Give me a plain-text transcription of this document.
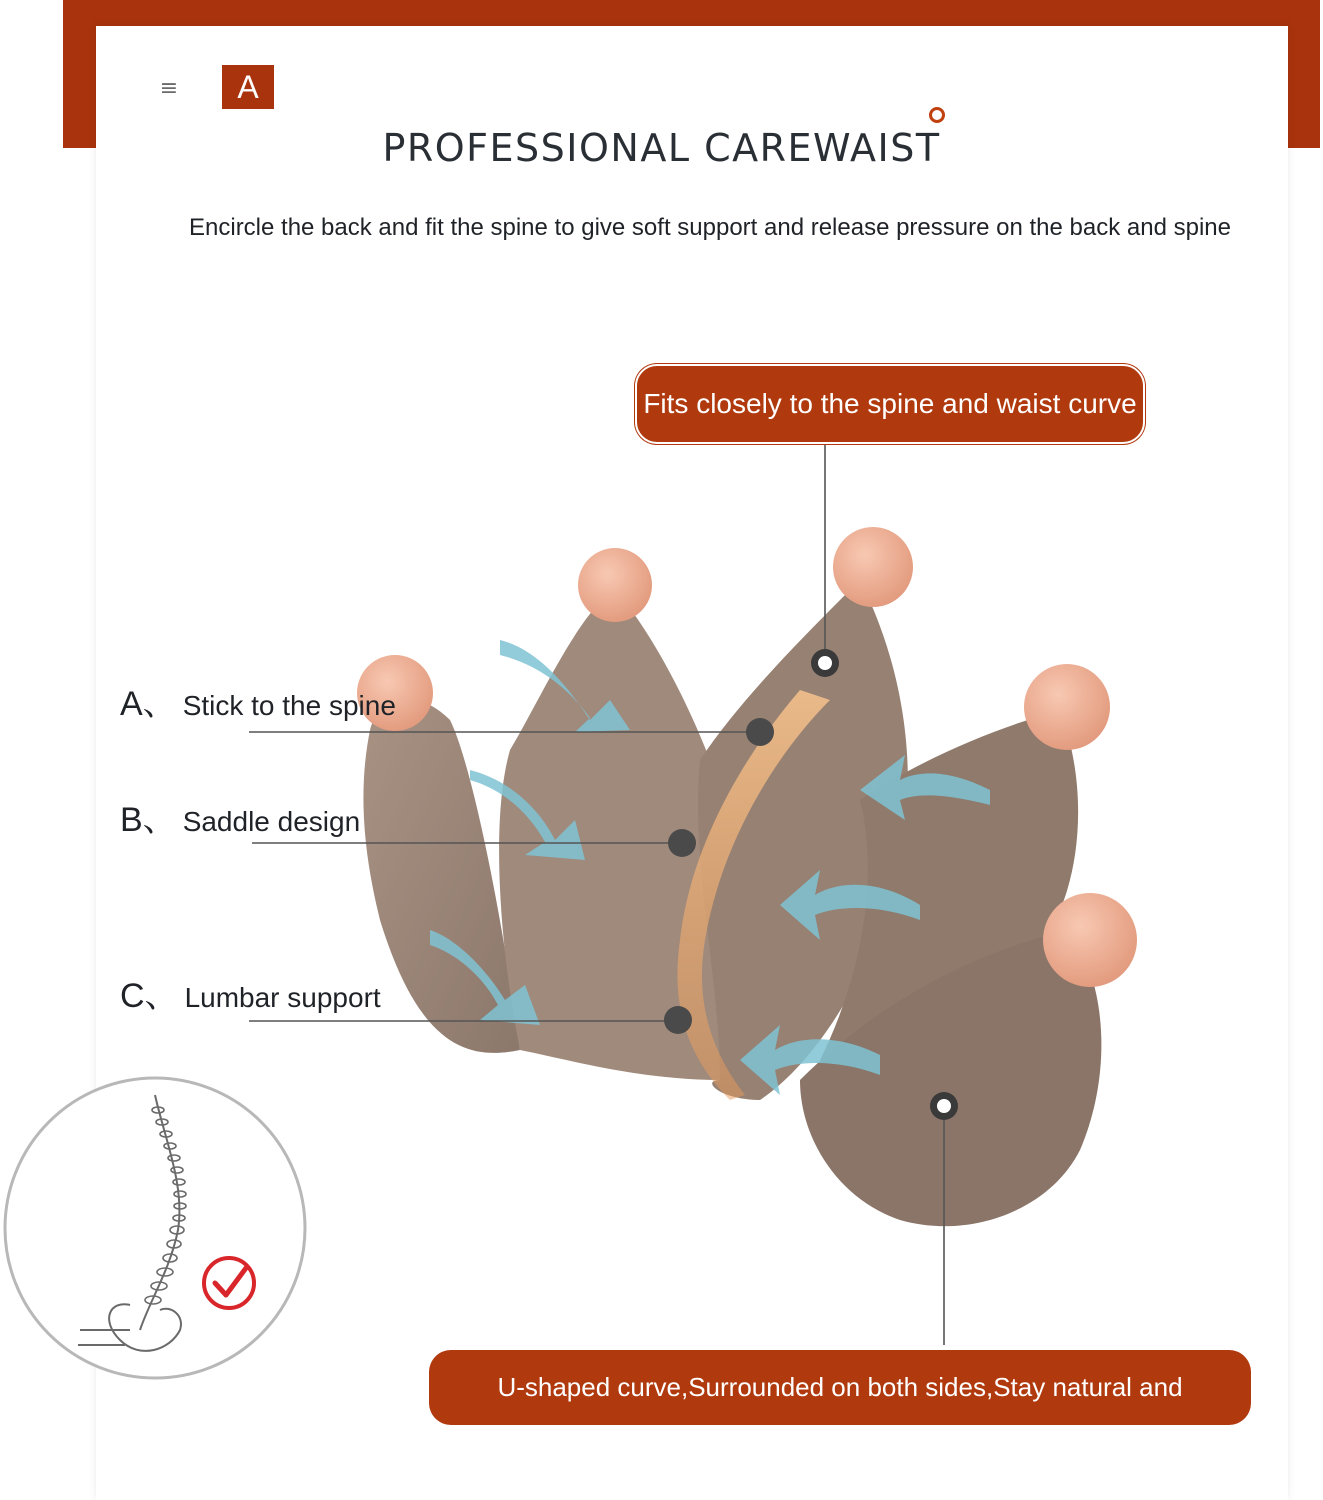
≡	A
PROFESSIONAL CAREWAIST
Encircle the back and fit the spine to give soft support and release pressure on the back and spine
Fits closely to the spine and waist curve
A、 Stick to the spine
B、 Saddle design
C、 Lumbar support
U-shaped curve,Surrounded on both sides,Stay natural and comfortable
